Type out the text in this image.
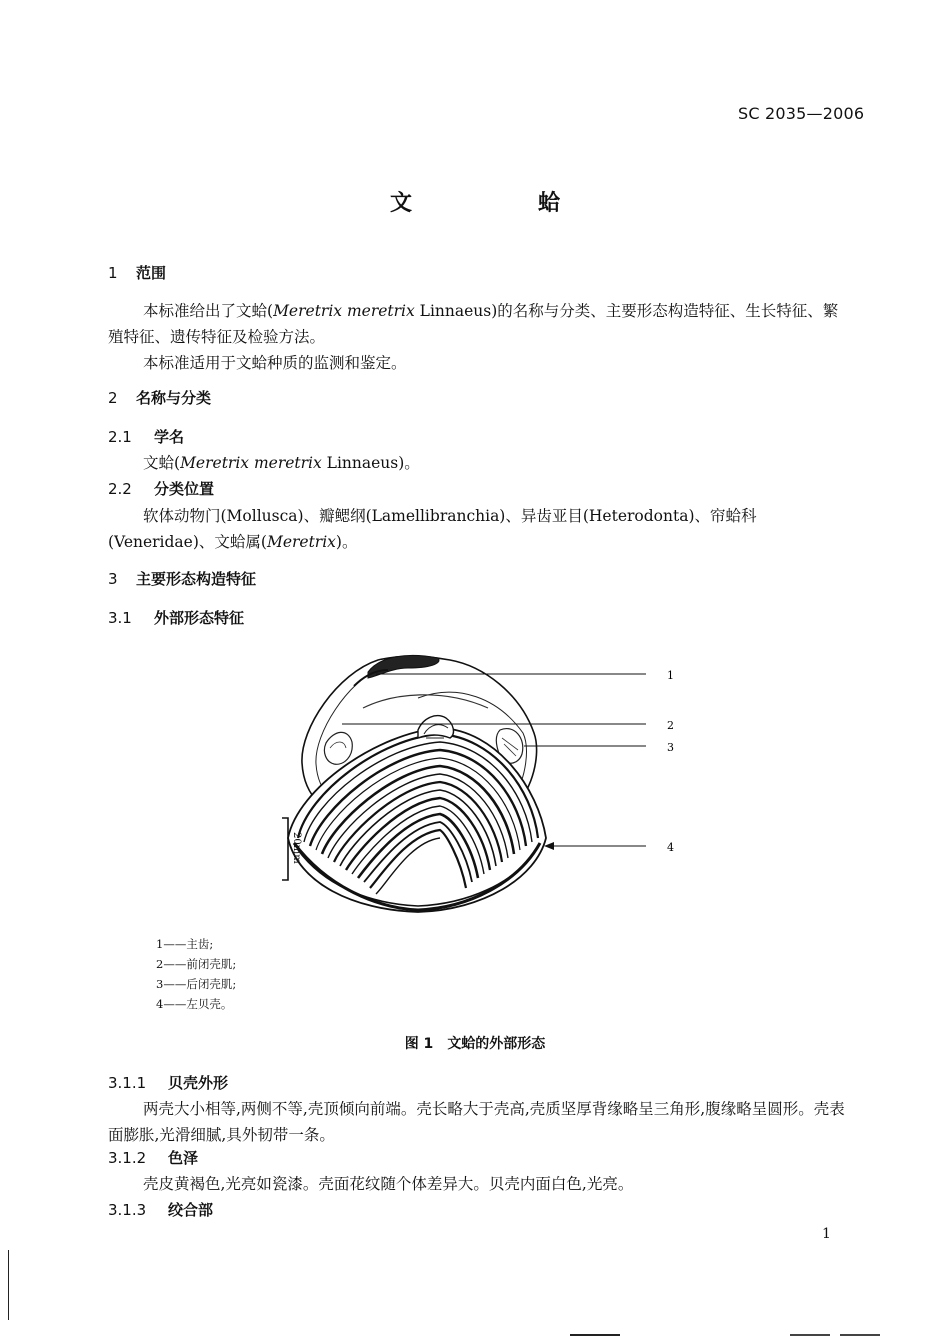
SC 2035—2006
文　蛤
1 范围

本标准给出了文蛤(Meretrix meretrix Linnaeus)的名称与分类、主要形态构造特征、生长特征、繁殖特征、遗传特征及检验方法。

本标准适用于文蛤种质的监测和鉴定。

2 名称与分类
2.1 学名

文蛤(Meretrix meretrix Linnaeus)。

2.2 分类位置

软体动物门(Mollusca)、瓣鳃纲(Lamellibranchia)、异齿亚目(Heterodonta)、帘蛤科(Veneridae)、文蛤属(Meretrix)。

3 主要形态构造特征
3.1 外部形态特征
20mm
1
2
3
4
1——主齿;
2——前闭壳肌;
3——后闭壳肌;
4——左贝壳。
图 1 文蛤的外部形态
3.1.1 贝壳外形

两壳大小相等,两侧不等,壳顶倾向前端。壳长略大于壳高,壳质坚厚背缘略呈三角形,腹缘略呈圆形。壳表面膨胀,光滑细腻,具外韧带一条。

3.1.2 色泽

壳皮黄褐色,光亮如瓷漆。壳面花纹随个体差异大。贝壳内面白色,光亮。

3.1.3 绞合部
1
